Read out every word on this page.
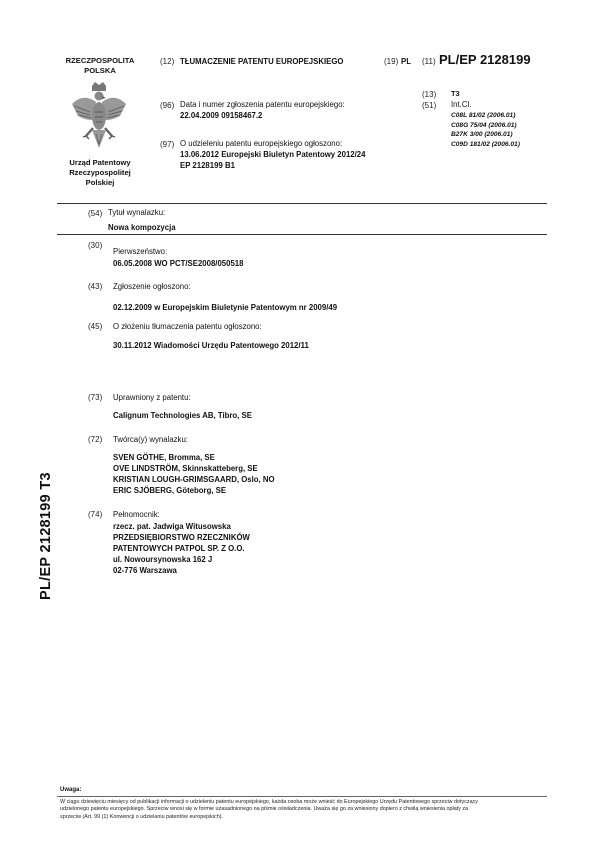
RZECZPOSPOLITA
POLSKA
Urząd Patentowy
Rzeczypospolitej
Polskiej
(12) TŁUMACZENIE PATENTU EUROPEJSKIEGO	(19) PL (11) PL/EP 2128199
(13) T3
(51) Int.Cl.
C08L 81/02 (2006.01)
C08G 75/04 (2006.01)
B27K 3/00 (2006.01)
C09D 181/02 (2006.01)
(96) Data i numer zgłoszenia patentu europejskiego:
22.04.2009 09158467.2
(97) O udzieleniu patentu europejskiego ogłoszono:
13.06.2012 Europejski Biuletyn Patentowy 2012/24
EP 2128199 B1
(54) Tytuł wynalazku:
Nowa kompozycja
(30)
Pierwszeństwo:
06.05.2008 WO PCT/SE2008/050518
(43) Zgłoszenie ogłoszono:
02.12.2009 w Europejskim Biuletynie Patentowym nr 2009/49
(45) O złożeniu tłumaczenia patentu ogłoszono:
30.11.2012 Wiadomości Urzędu Patentowego 2012/11
(73) Uprawniony z patentu:
Calignum Technologies AB, Tibro, SE
(72) Twórca(y) wynalazku:
SVEN GÖTHE, Bromma, SE
OVE LINDSTRÖM, Skinnskatteberg, SE
KRISTIAN LOUGH-GRIMSGAARD, Oslo, NO
ERIC SJÖBERG, Göteborg, SE
(74) Pełnomocnik:
rzecz. pat. Jadwiga Witusowska
PRZEDSIĘBIORSTWO RZECZNIKÓW
PATENTOWYCH PATPOL SP. Z O.O.
ul. Nowoursynowska 162 J
02-776 Warszawa
PL/EP 2128199 T3
Uwaga:
W ciągu dziewięciu miesięcy od publikacji informacji o udzieleniu patentu europejskiego, każda osoba może wnieść do Europejskiego Urzędu Patentowego sprzeciw dotyczący
udzielonego patentu europejskiego. Sprzeciw wnosi się w formie uzasadnionego na piśmie oświadczenia. Uważa się go za wniesiony dopiero z chwilą wniesienia opłaty za
sprzeciw (Art. 99 (1) Konwencji o udzielaniu patentów europejskich).
